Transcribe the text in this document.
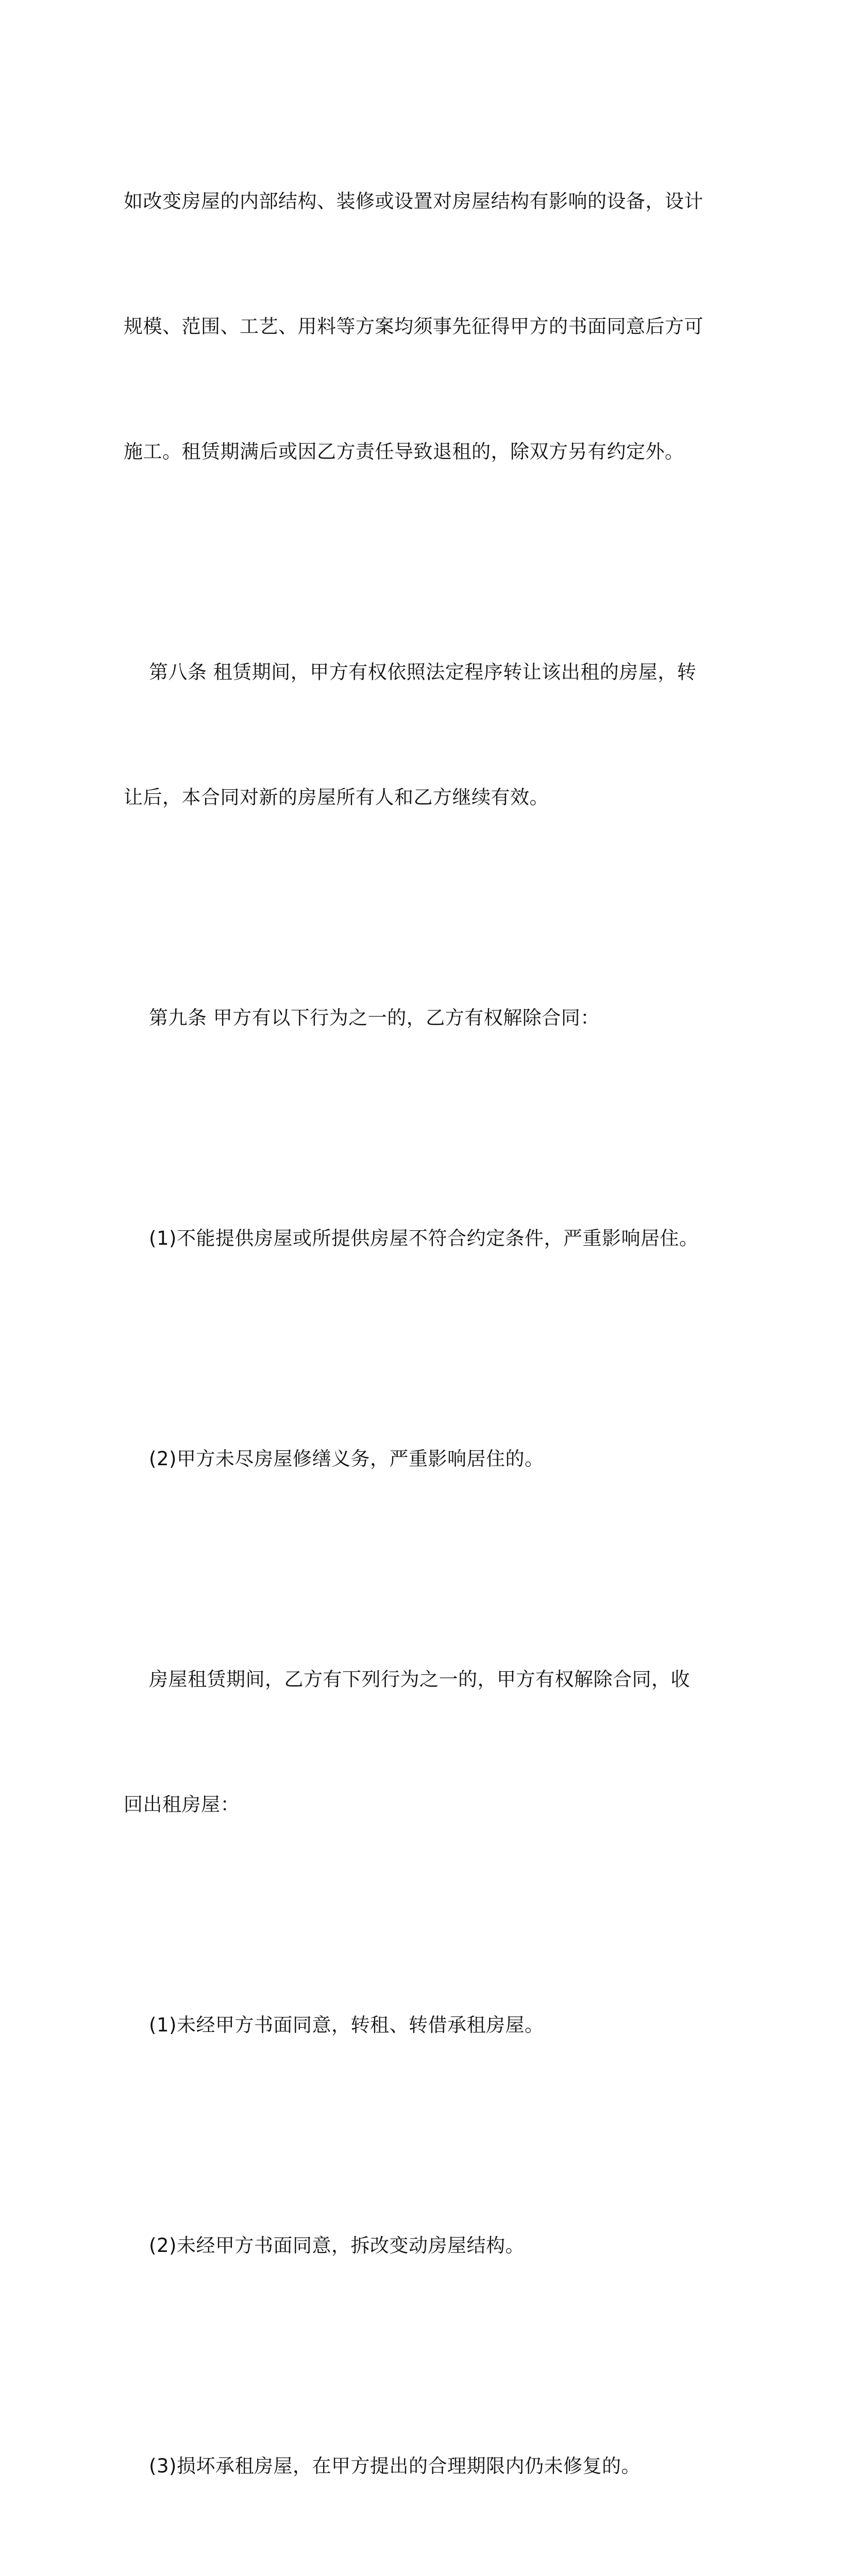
如改变房屋的内部结构、装修或设置对房屋结构有影响的设备，设计

规模、范围、工艺、用料等方案均须事先征得甲方的书面同意后方可

施工。租赁期满后或因乙方责任导致退租的，除双方另有约定外。

第八条 租赁期间，甲方有权依照法定程序转让该出租的房屋，转

让后，本合同对新的房屋所有人和乙方继续有效。

第九条 甲方有以下行为之一的，乙方有权解除合同：

(1)不能提供房屋或所提供房屋不符合约定条件，严重影响居住。

(2)甲方未尽房屋修缮义务，严重影响居住的。

房屋租赁期间，乙方有下列行为之一的，甲方有权解除合同，收

回出租房屋：

(1)未经甲方书面同意，转租、转借承租房屋。

(2)未经甲方书面同意，拆改变动房屋结构。

(3)损坏承租房屋，在甲方提出的合理期限内仍未修复的。
